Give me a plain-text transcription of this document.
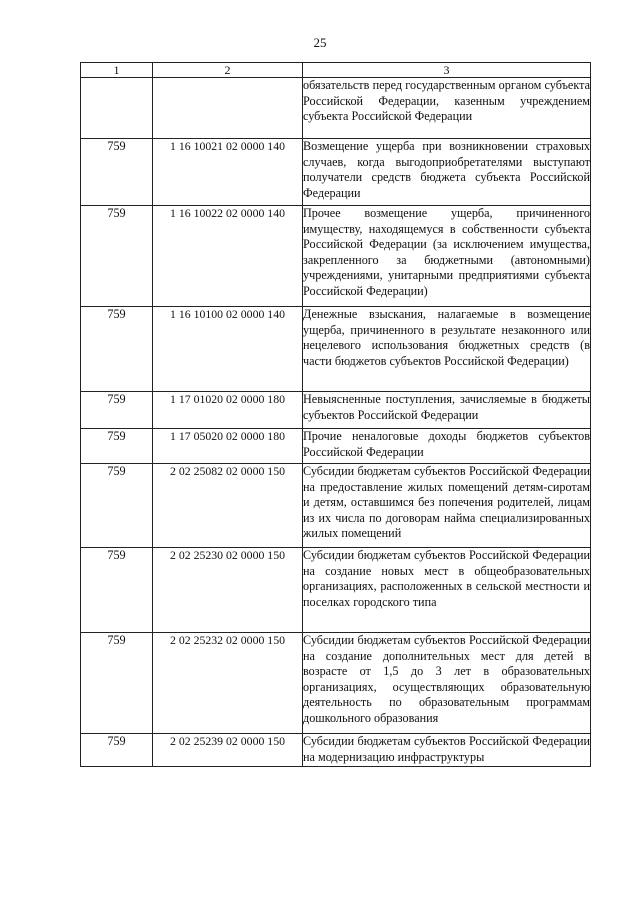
25
1	2	3
		обязательств перед государственным органом субъекта Российской Федерации, казенным учреждением субъекта Российской Федерации
759	1 16 10021 02 0000 140	Возмещение ущерба при возникновении страховых случаев, когда выгодоприобретателями выступают получатели средств бюджета субъекта Российской Федерации
759	1 16 10022 02 0000 140	Прочее возмещение ущерба, причиненного имуществу, находящемуся в собственности субъекта Российской Федерации (за исключением имущества, закрепленного за бюджетными (автономными) учреждениями, унитарными предприятиями субъекта Российской Федерации)
759	1 16 10100 02 0000 140	Денежные взыскания, налагаемые в возмещение ущерба, причиненного в результате незаконного или нецелевого использования бюджетных средств (в части бюджетов субъектов Российской Федерации)
759	1 17 01020 02 0000 180	Невыясненные поступления, зачисляемые в бюджеты субъектов Российской Федерации
759	1 17 05020 02 0000 180	Прочие неналоговые доходы бюджетов субъектов Российской Федерации
759	2 02 25082 02 0000 150	Субсидии бюджетам субъектов Российской Федерации на предоставление жилых помещений детям-сиротам и детям, оставшимся без попечения родителей, лицам из их числа по договорам найма специализированных жилых помещений
759	2 02 25230 02 0000 150	Субсидии бюджетам субъектов Российской Федерации на создание новых мест в общеобразовательных организациях, расположенных в сельской местности и поселках городского типа
759	2 02 25232 02 0000 150	Субсидии бюджетам субъектов Российской Федерации на создание дополнительных мест для детей в возрасте от 1,5 до 3 лет в образовательных организациях, осуществляющих образовательную деятельность по образовательным программам дошкольного образования
759	2 02 25239 02 0000 150	Субсидии бюджетам субъектов Российской Федерации на модернизацию инфраструктуры
